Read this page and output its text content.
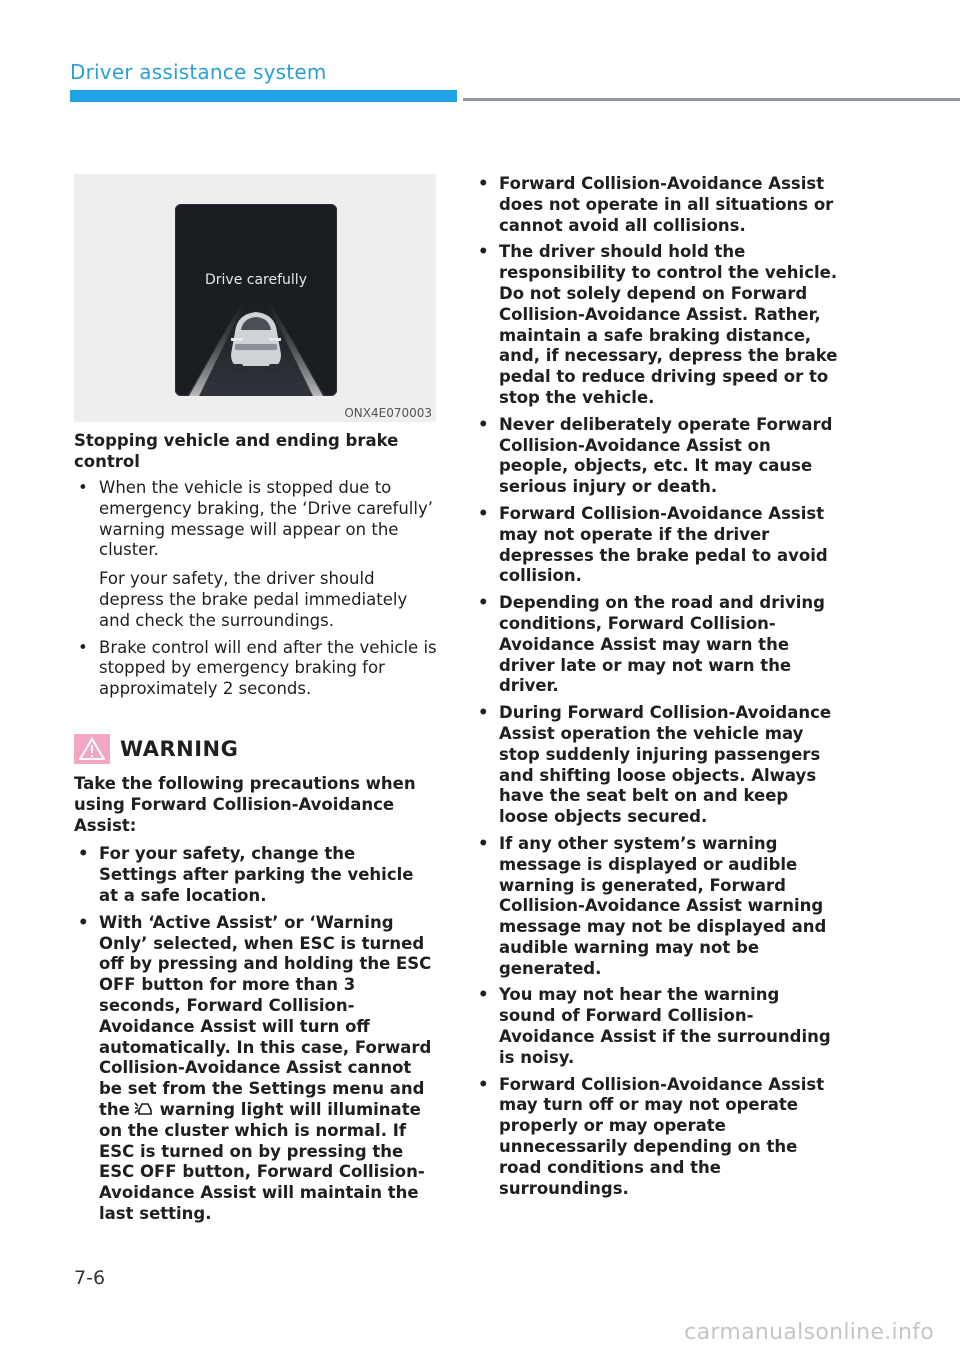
Driver assistance system
Drive carefully
ONX4E070003
Stopping vehicle and ending brake control
• When the vehicle is stopped due to emergency braking, the ‘Drive carefully’ warning message will appear on the cluster.
For your safety, the driver should depress the brake pedal immediately and check the surroundings.
• Brake control will end after the vehicle is stopped by emergency braking for approximately 2 seconds.
WARNING
Take the following precautions when using Forward Collision-Avoidance Assist:
• For your safety, change the Settings after parking the vehicle at a safe location.
• With ‘Active Assist’ or ‘Warning Only’ selected, when ESC is turned off by pressing and holding the ESC OFF button for more than 3 seconds, Forward Collision-Avoidance Assist will turn off automatically. In this case, Forward Collision-Avoidance Assist cannot be set from the Settings menu and the warning light will illuminate on the cluster which is normal. If ESC is turned on by pressing the ESC OFF button, Forward Collision-Avoidance Assist will maintain the last setting.
• Forward Collision-Avoidance Assist does not operate in all situations or cannot avoid all collisions.
• The driver should hold the responsibility to control the vehicle. Do not solely depend on Forward Collision-Avoidance Assist. Rather, maintain a safe braking distance, and, if necessary, depress the brake pedal to reduce driving speed or to stop the vehicle.
• Never deliberately operate Forward Collision-Avoidance Assist on people, objects, etc. It may cause serious injury or death.
• Forward Collision-Avoidance Assist may not operate if the driver depresses the brake pedal to avoid collision.
• Depending on the road and driving conditions, Forward Collision-Avoidance Assist may warn the driver late or may not warn the driver.
• During Forward Collision-Avoidance Assist operation the vehicle may stop suddenly injuring passengers and shifting loose objects. Always have the seat belt on and keep loose objects secured.
• If any other system’s warning message is displayed or audible warning is generated, Forward Collision-Avoidance Assist warning message may not be displayed and audible warning may not be generated.
• You may not hear the warning sound of Forward Collision-Avoidance Assist if the surrounding is noisy.
• Forward Collision-Avoidance Assist may turn off or may not operate properly or may operate unnecessarily depending on the road conditions and the surroundings.
7-6
carmanualsonline.info
